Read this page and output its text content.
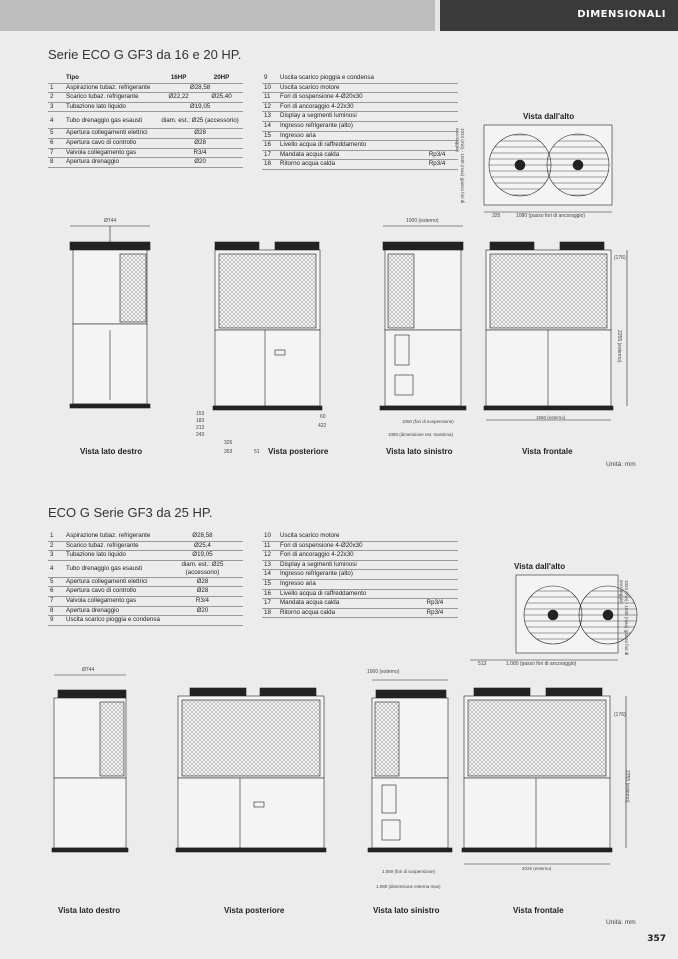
DIMENSIONALI
Serie ECO G GF3 da 16 e 20 HP.
	Tipo	16HP	20HP
1	Aspirazione tubaz. refrigerante	Ø28,58	
2	Scarico tubaz. refrigerante	Ø22,22	Ø25,40
3	Tubazione lato liquido	Ø19,05	
4	Tubo drenaggio gas esausti	diam. est.: Ø25 (accessorio)	
5	Apertura collegamenti elettrici	Ø28	
6	Apertura cavo di controllo	Ø28	
7	Valvola collegamento gas	R3/4	
8	Apertura drenaggio	Ø20	
9	Uscita scarico pioggia e condensa	
10	Uscita scarico motore	
11	Fori di sospensione 4-Ø20x30	
12	Fori di ancoraggio 4-22x30	
13	Display a segmenti luminosi	
14	Ingresso refrigerante (alto)	
15	Ingresso aria	
16	Livello acqua di raffreddamento	
17	Mandata acqua calda	Rp3/4
18	Ritorno acqua calda	Rp3/4
Ø744	1000 (esterno)
325	1080 (passo fori di ancoraggio)
1050 (fori di sospensione)
1080 (dimensione est. massima)
1650 (esterno)
353
326
51
60
422
153
183
213
243
(176)
2255 (esterno)
1024 (min) - 1040 (max) (passo fori di ancoraggio)
Vista dall'alto
Vista lato destro	Vista posteriore	Vista lato sinistro	Vista frontale
Unità: mm
ECO G Serie GF3 da 25 HP.
1	Aspirazione tubaz. refrigerante	Ø28,58
2	Scarico tubaz. refrigerante	Ø25,4
3	Tubazione lato liquido	Ø19,05
4	Tubo drenaggio gas esausti	diam. est.: Ø25 (accessorio)
5	Apertura collegamenti elettrici	Ø28
6	Apertura cavo di controllo	Ø28
7	Valvola collegamento gas	R3/4
8	Apertura drenaggio	Ø20
9	Uscita scarico pioggia e condensa	
10	Uscita scarico motore	
11	Fori di sospensione 4-Ø20x30	
12	Fori di ancoraggio 4-22x30	
13	Display a segmenti luminosi	
14	Ingresso refrigerante (alto)	
15	Ingresso aria	
16	Livello acqua di raffreddamento	
17	Mandata acqua calda	Rp3/4
18	Ritorno acqua calda	Rp3/4
Ø744	1000 (esterno)
513	1.080 (passo fori di ancoraggio)
1.050 (fori di sospensione)
1.080 (dimensione esterna max)
2026 (esterno)
(176)
2255 (esterno)
1024 (min) - 1040 (max) (passo fori di ancoraggio)
Vista dall'alto
Vista lato destro	Vista posteriore	Vista lato sinistro	Vista frontale
Unità: mm
357
